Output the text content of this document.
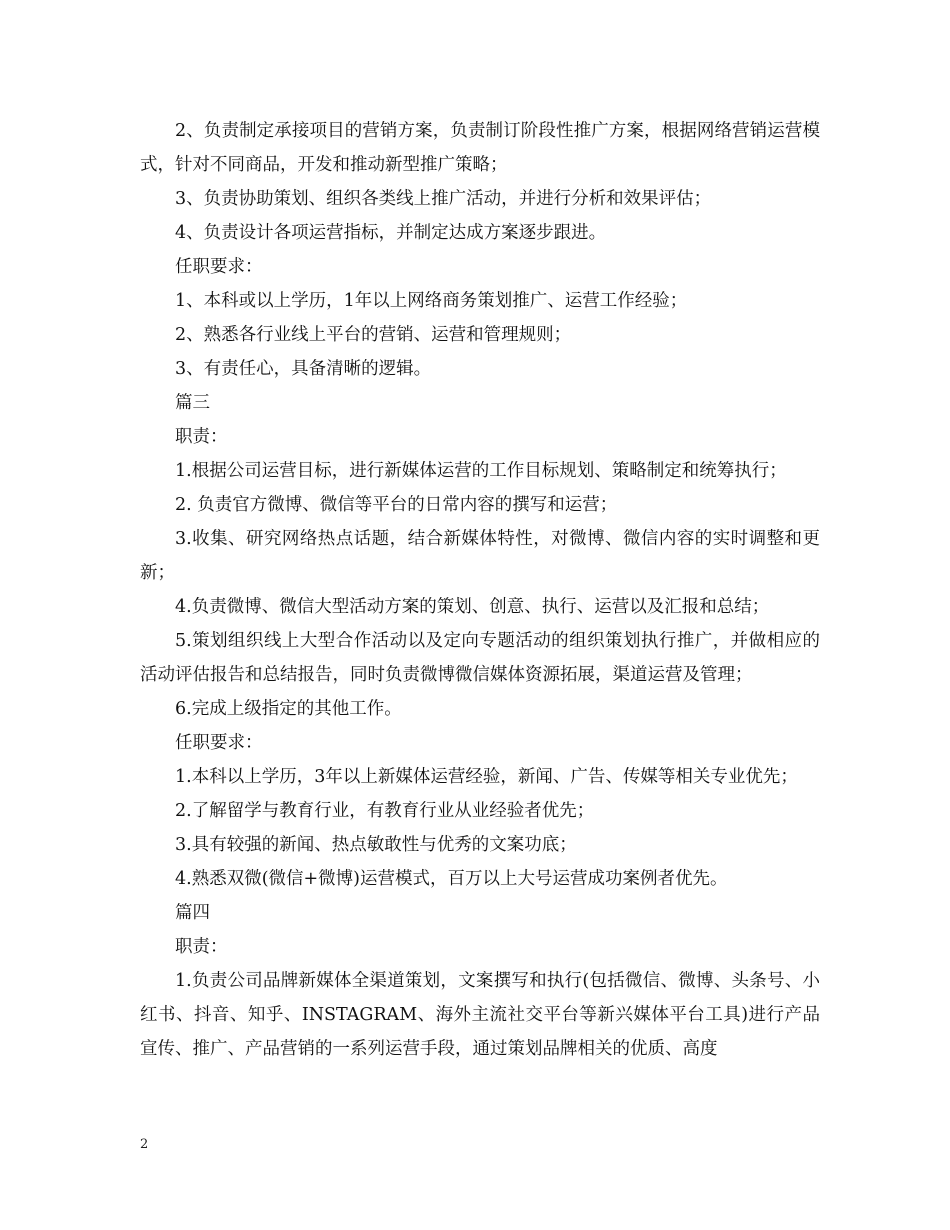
2、负责制定承接项目的营销方案，负责制订阶段性推广方案，根据网络营销运营模式，针对不同商品，开发和推动新型推广策略；

3、负责协助策划、组织各类线上推广活动，并进行分析和效果评估；

4、负责设计各项运营指标，并制定达成方案逐步跟进。

任职要求：

1、本科或以上学历，1年以上网络商务策划推广、运营工作经验；

2、熟悉各行业线上平台的营销、运营和管理规则；

3、有责任心，具备清晰的逻辑。

篇三

职责：

1.根据公司运营目标，进行新媒体运营的工作目标规划、策略制定和统筹执行；

2. 负责官方微博、微信等平台的日常内容的撰写和运营；

3.收集、研究网络热点话题，结合新媒体特性，对微博、微信内容的实时调整和更新；

4.负责微博、微信大型活动方案的策划、创意、执行、运营以及汇报和总结；

5.策划组织线上大型合作活动以及定向专题活动的组织策划执行推广，并做相应的活动评估报告和总结报告，同时负责微博微信媒体资源拓展，渠道运营及管理；

6.完成上级指定的其他工作。

任职要求：

1.本科以上学历，3年以上新媒体运营经验，新闻、广告、传媒等相关专业优先；

2.了解留学与教育行业，有教育行业从业经验者优先；

3.具有较强的新闻、热点敏敢性与优秀的文案功底；

4.熟悉双微(微信+微博)运营模式，百万以上大号运营成功案例者优先。

篇四

职责：

1.负责公司品牌新媒体全渠道策划，文案撰写和执行(包括微信、微博、头条号、小红书、抖音、知乎、INSTAGRAM、海外主流社交平台等新兴媒体平台工具)进行产品宣传、推广、产品营销的一系列运营手段，通过策划品牌相关的优质、高度

2
